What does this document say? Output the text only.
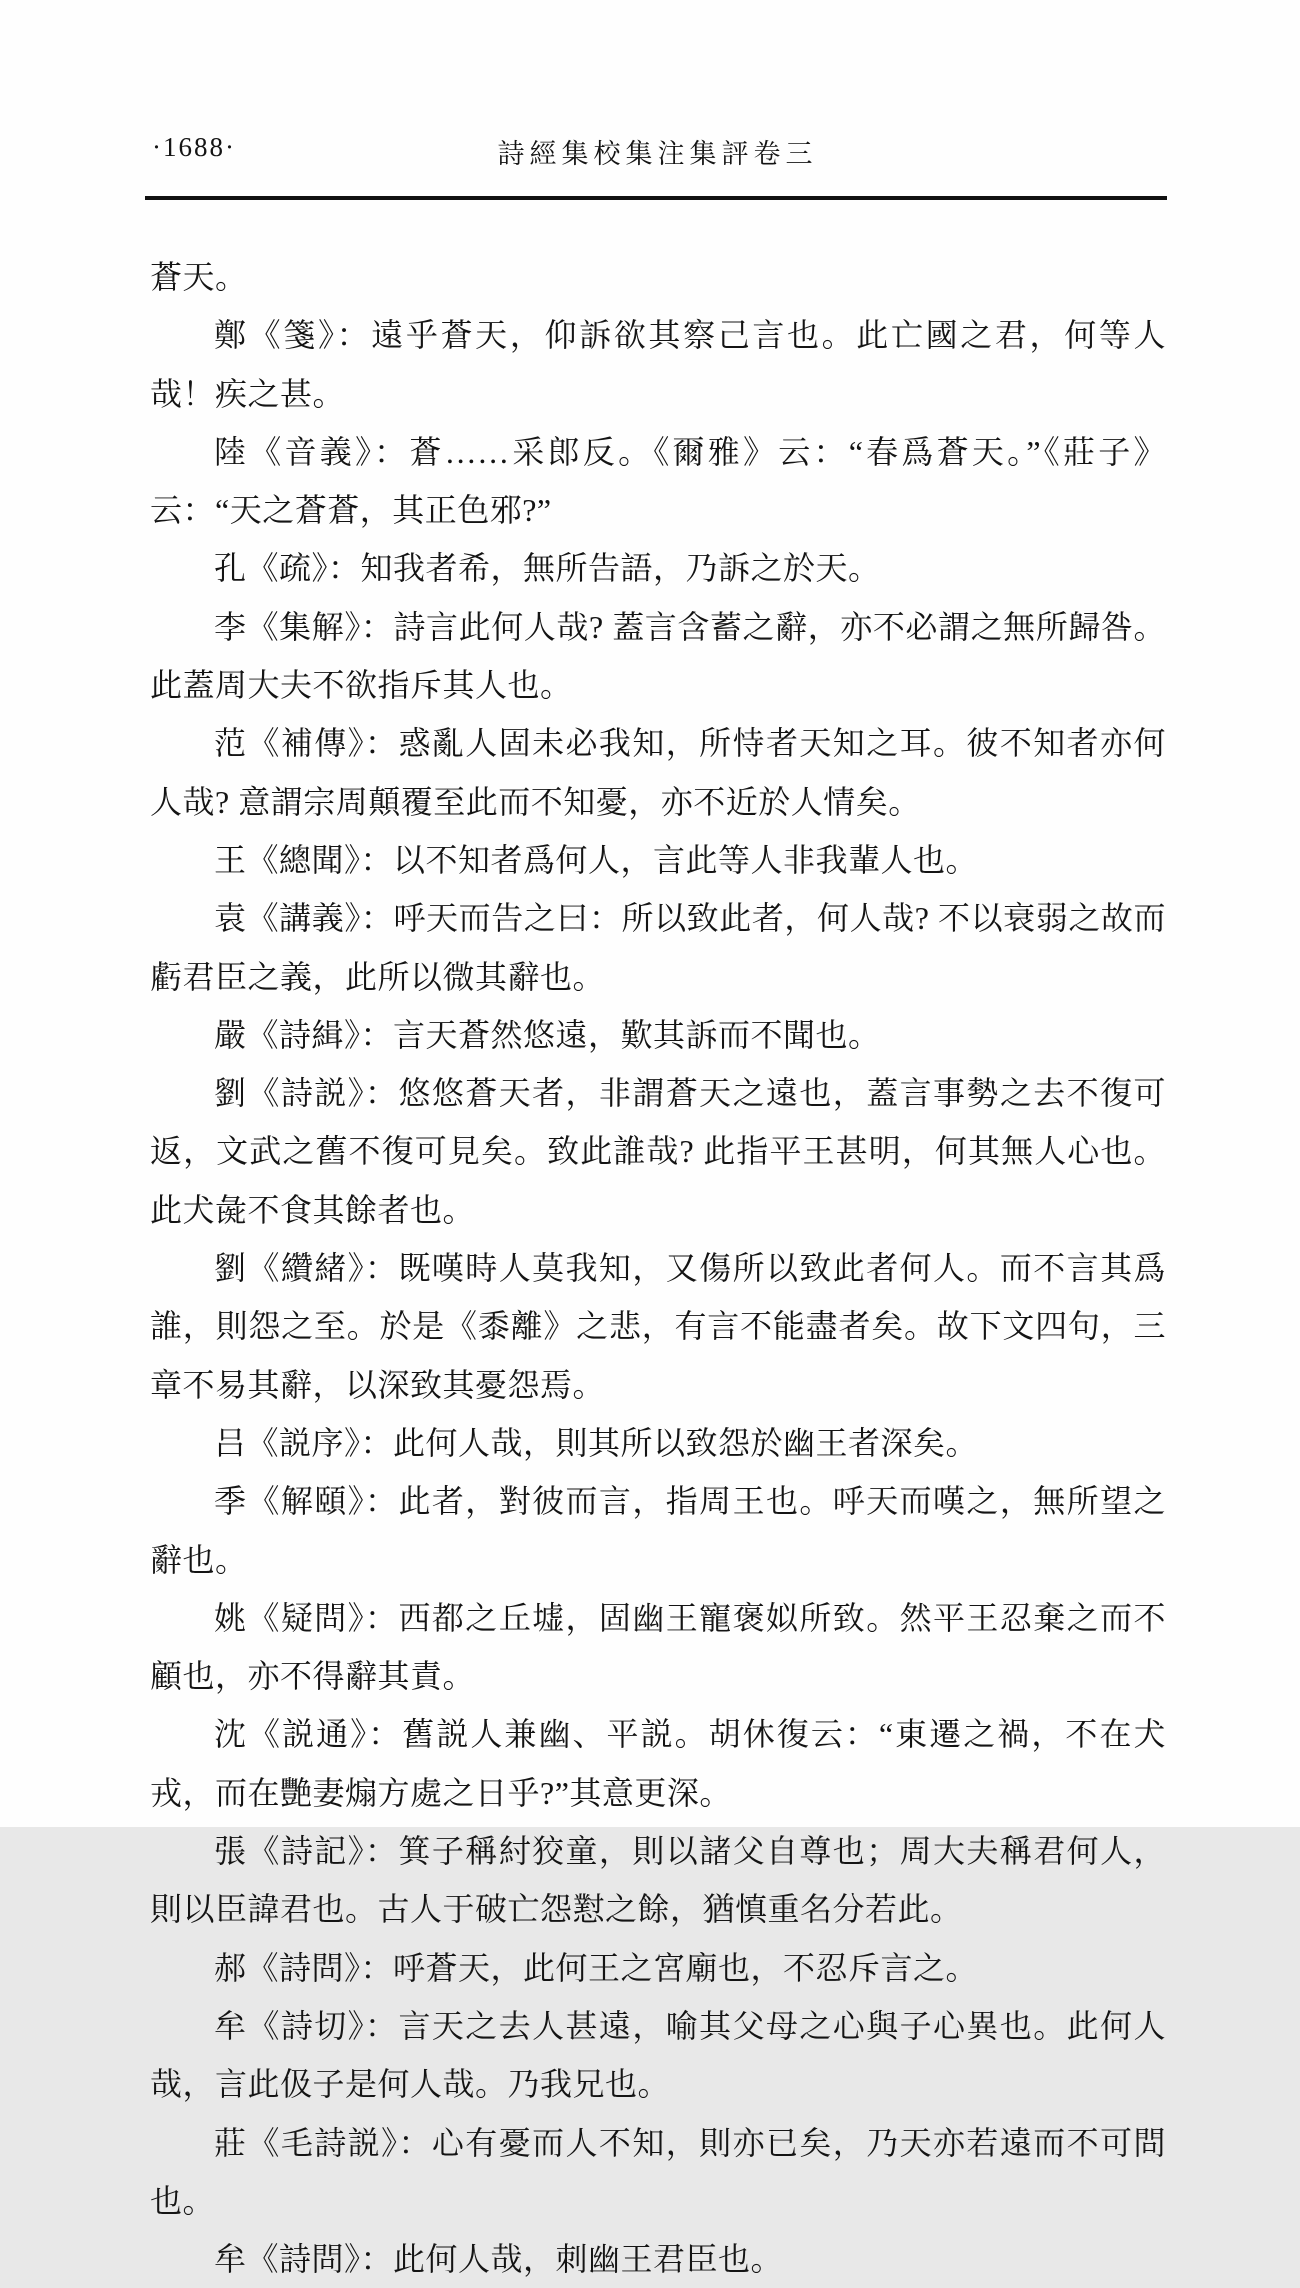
·1688·	詩經集校集注集評卷三

蒼天。

鄭《箋》：遠乎蒼天，仰訴欲其察己言也。此亡國之君，何等人哉！疾之甚。

陸《音義》：蒼……采郎反。《爾雅》云：“春爲蒼天。”《莊子》云：“天之蒼蒼，其正色邪?”

孔《疏》：知我者希，無所告語，乃訴之於天。

李《集解》：詩言此何人哉? 蓋言含蓄之辭，亦不必謂之無所歸咎。此蓋周大夫不欲指斥其人也。

范《補傳》：惑亂人固未必我知，所恃者天知之耳。彼不知者亦何人哉? 意謂宗周顛覆至此而不知憂，亦不近於人情矣。

王《總聞》：以不知者爲何人，言此等人非我輩人也。

袁《講義》：呼天而告之曰：所以致此者，何人哉? 不以衰弱之故而虧君臣之義，此所以微其辭也。

嚴《詩緝》：言天蒼然悠遠，歎其訴而不聞也。

劉《詩説》：悠悠蒼天者，非謂蒼天之遠也，蓋言事勢之去不復可返，文武之舊不復可見矣。致此誰哉? 此指平王甚明，何其無人心也。此犬彘不食其餘者也。

劉《纘緒》：既嘆時人莫我知，又傷所以致此者何人。而不言其爲誰，則怨之至。於是《黍離》之悲，有言不能盡者矣。故下文四句，三章不易其辭，以深致其憂怨焉。

吕《説序》：此何人哉，則其所以致怨於幽王者深矣。

季《解頤》：此者，對彼而言，指周王也。呼天而嘆之，無所望之辭也。

姚《疑問》：西都之丘墟，固幽王寵褒姒所致。然平王忍棄之而不顧也，亦不得辭其責。

沈《説通》：舊説人兼幽、平説。胡休復云：“東遷之禍，不在犬戎，而在艷妻煽方處之日乎?”其意更深。

張《詩記》：箕子稱紂狡童，則以諸父自尊也；周大夫稱君何人，則以臣諱君也。古人于破亡怨懟之餘，猶慎重名分若此。

郝《詩問》：呼蒼天，此何王之宮廟也，不忍斥言之。

牟《詩切》：言天之去人甚遠，喻其父母之心與子心異也。此何人哉，言此伋子是何人哉。乃我兄也。

莊《毛詩説》：心有憂而人不知，則亦已矣，乃天亦若遠而不可問也。

牟《詩問》：此何人哉，刺幽王君臣也。
